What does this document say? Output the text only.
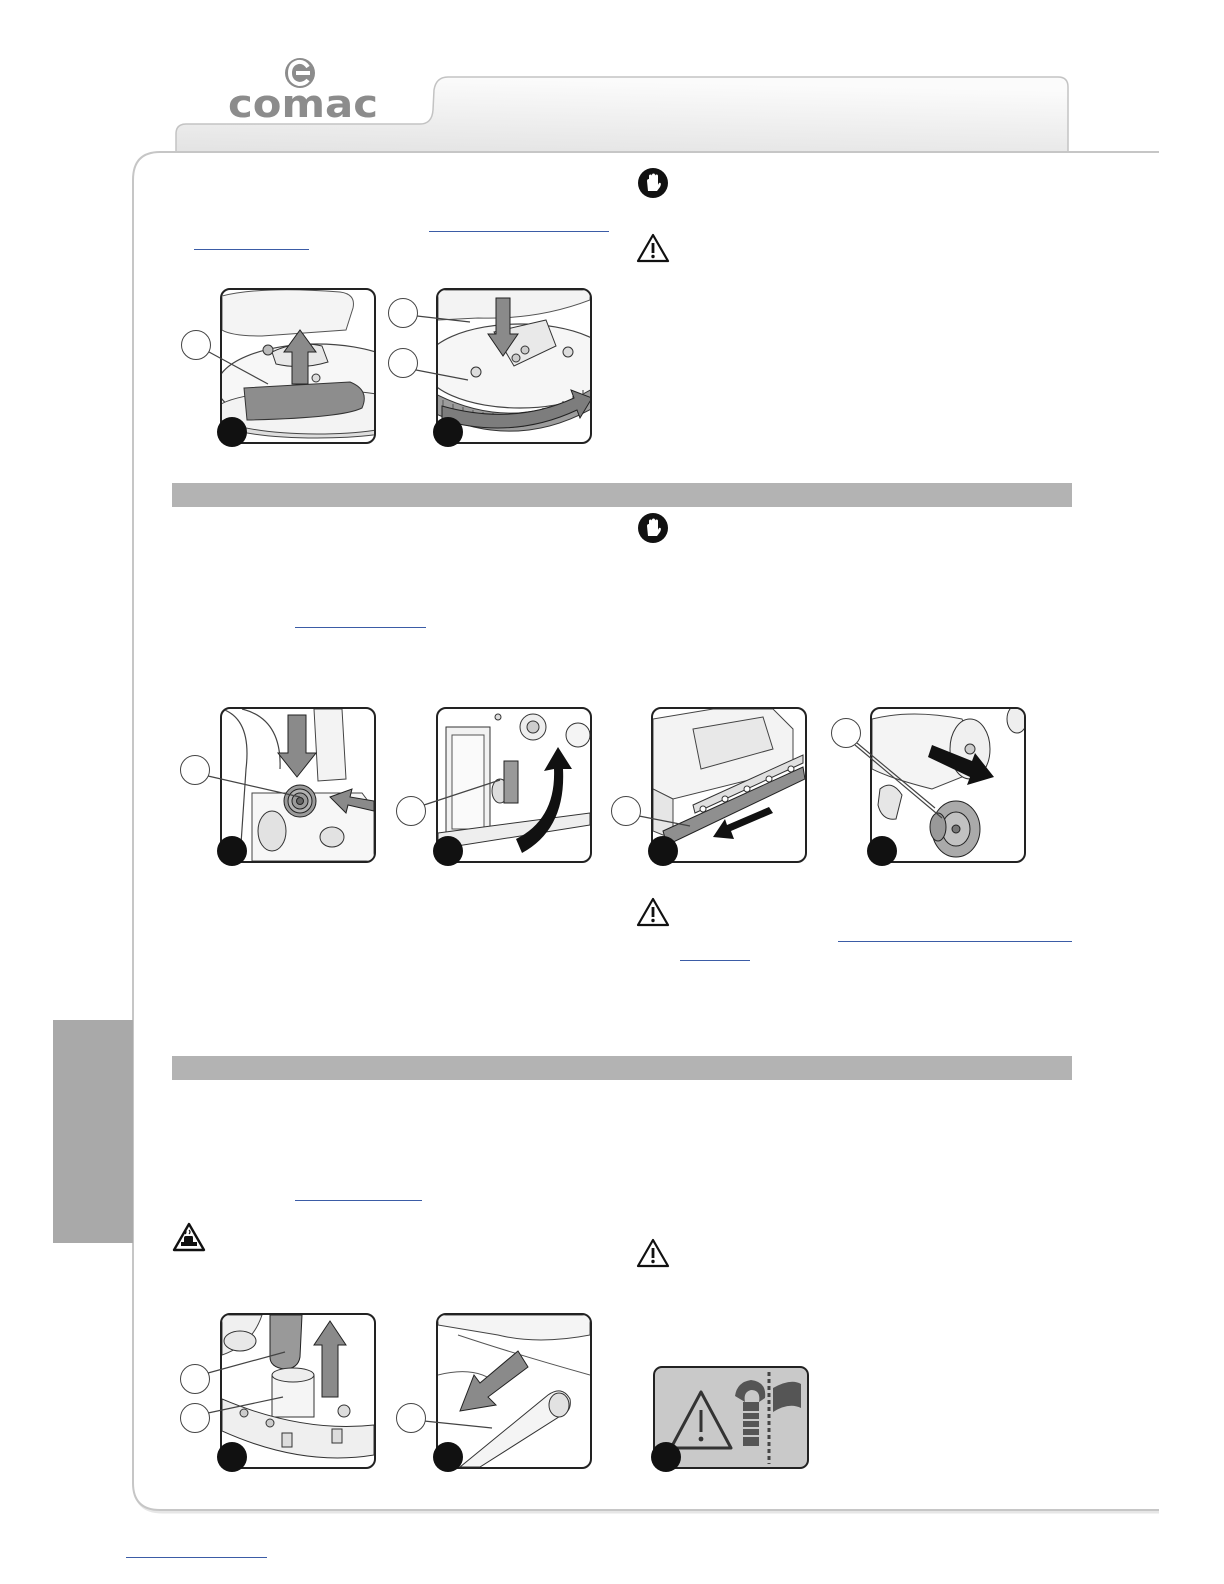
comac
